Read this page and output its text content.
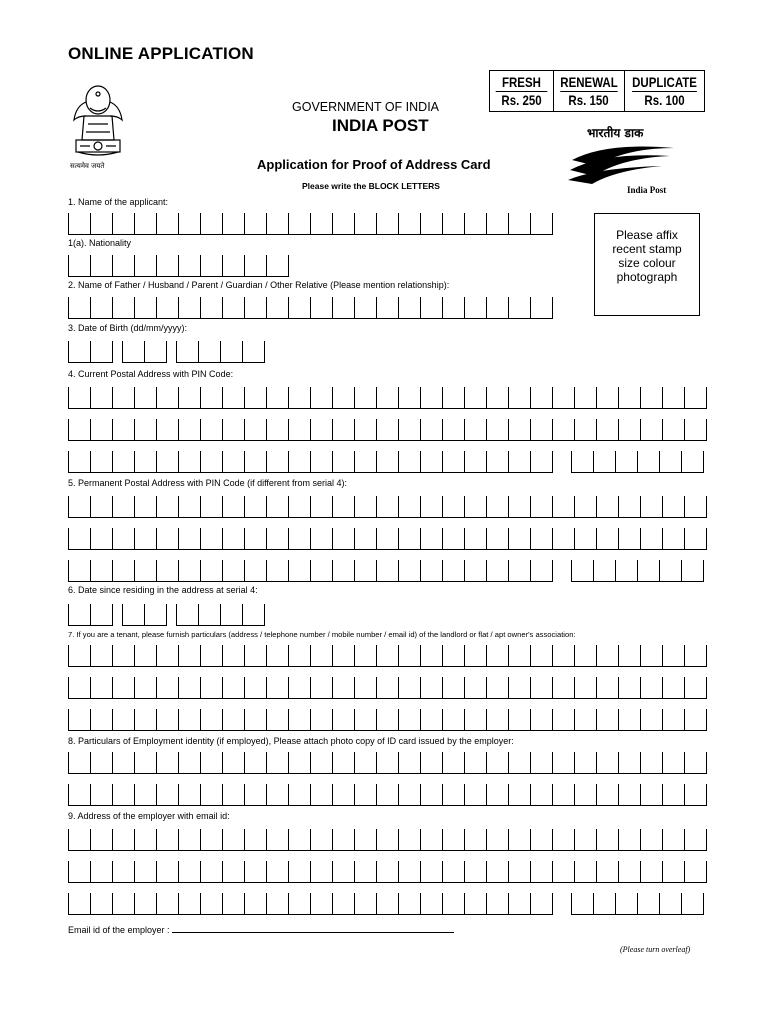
ONLINE APPLICATION
सत्यमेव जयते
GOVERNMENT OF INDIA
INDIA POST
FRESH
Rs. 250
RENEWAL
Rs. 150
DUPLICATE
Rs. 100
भारतीय डाक
India Post
Application for Proof of Address Card
Please write the BLOCK LETTERS
Please affix recent stamp size colour photograph
1. Name of the applicant:
1(a). Nationality
2. Name of Father / Husband / Parent / Guardian / Other Relative (Please mention relationship):
3. Date of Birth (dd/mm/yyyy):
4. Current Postal Address with PIN Code:
5. Permanent Postal Address with PIN Code (if different from serial 4):
6. Date since residing in the address at serial 4:
7. If you are a tenant, please furnish particulars (address / telephone number / mobile number / email id) of the landlord or flat / apt owner's association:
8. Particulars of Employment identity (if employed), Please attach photo copy of ID card issued by the employer:
9. Address of the employer with email id:
Email id of the employer :
(Please turn overleaf)
